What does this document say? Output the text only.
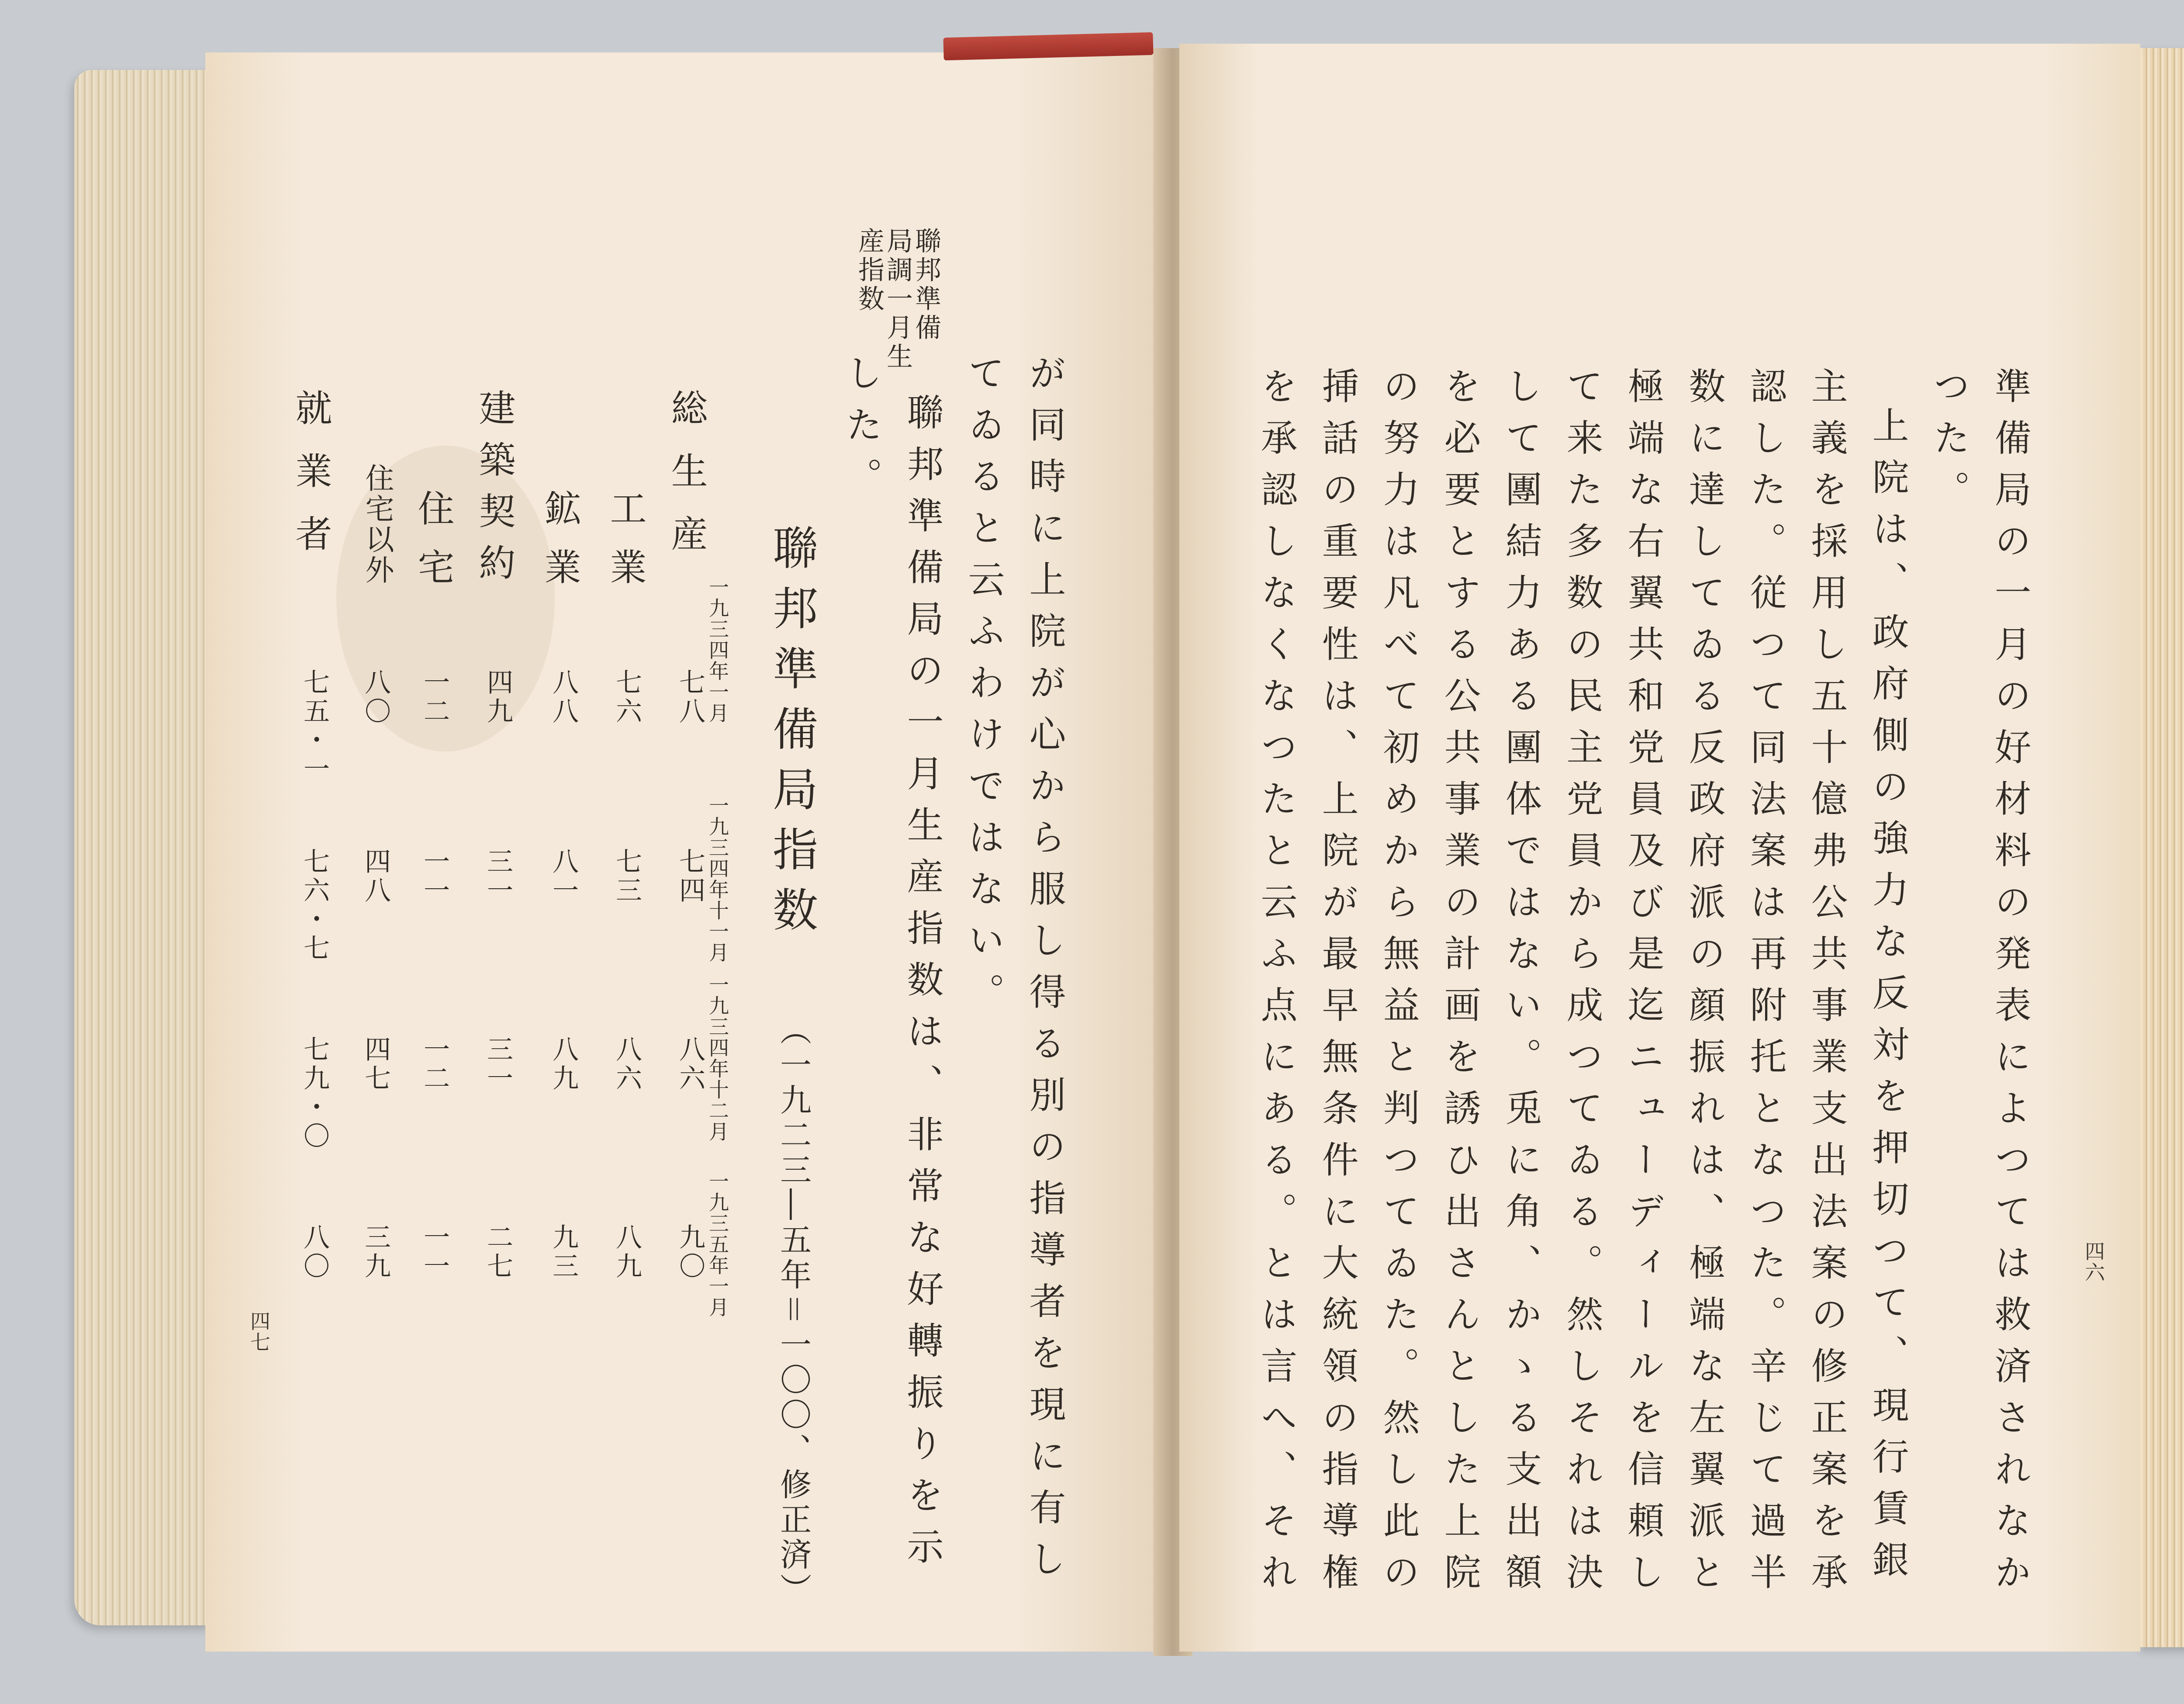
聯邦準備
局調一月生
産指数
が同時に上院が心から服し得る別の指導者を現に有し
てゐると云ふわけではない。
聯邦準備局の一月生産指数は、非常な好轉振りを示
した。
聯邦準備局指数
（一九二三―五年＝一〇〇、修正済）
一九三四年一月
一九三四年十一月
一九三四年十二月
一九三五年一月
総生産
工業
鉱業
建築契約
住宅
住宅以外
就業者
七八
七四
八六
九〇
七六
七三
八六
八九
八八
八一
八九
九三
四九
三一
三一
二七
一二
一一
一二
一一
八〇
四八
四七
三九
七五・一
七六・七
七九・〇
八〇
四七	準備局の一月の好材料の発表によつては救済されなか
つた。
上院は、政府側の強力な反対を押切つて、現行賃銀
主義を採用し五十億弗公共事業支出法案の修正案を承
認した。従つて同法案は再附托となつた。辛じて過半
数に達してゐる反政府派の顔振れは、極端な左翼派と
極端な右翼共和党員及び是迄ニューディールを信頼し
て来た多数の民主党員から成つてゐる。然しそれは決
して團結力ある團体ではない。兎に角、かゝる支出額
を必要とする公共事業の計画を誘ひ出さんとした上院
の努力は凡べて初めから無益と判つてゐた。然し此の
挿話の重要性は、上院が最早無条件に大統領の指導権
を承認しなくなつたと云ふ点にある。とは言へ、それ	四六
